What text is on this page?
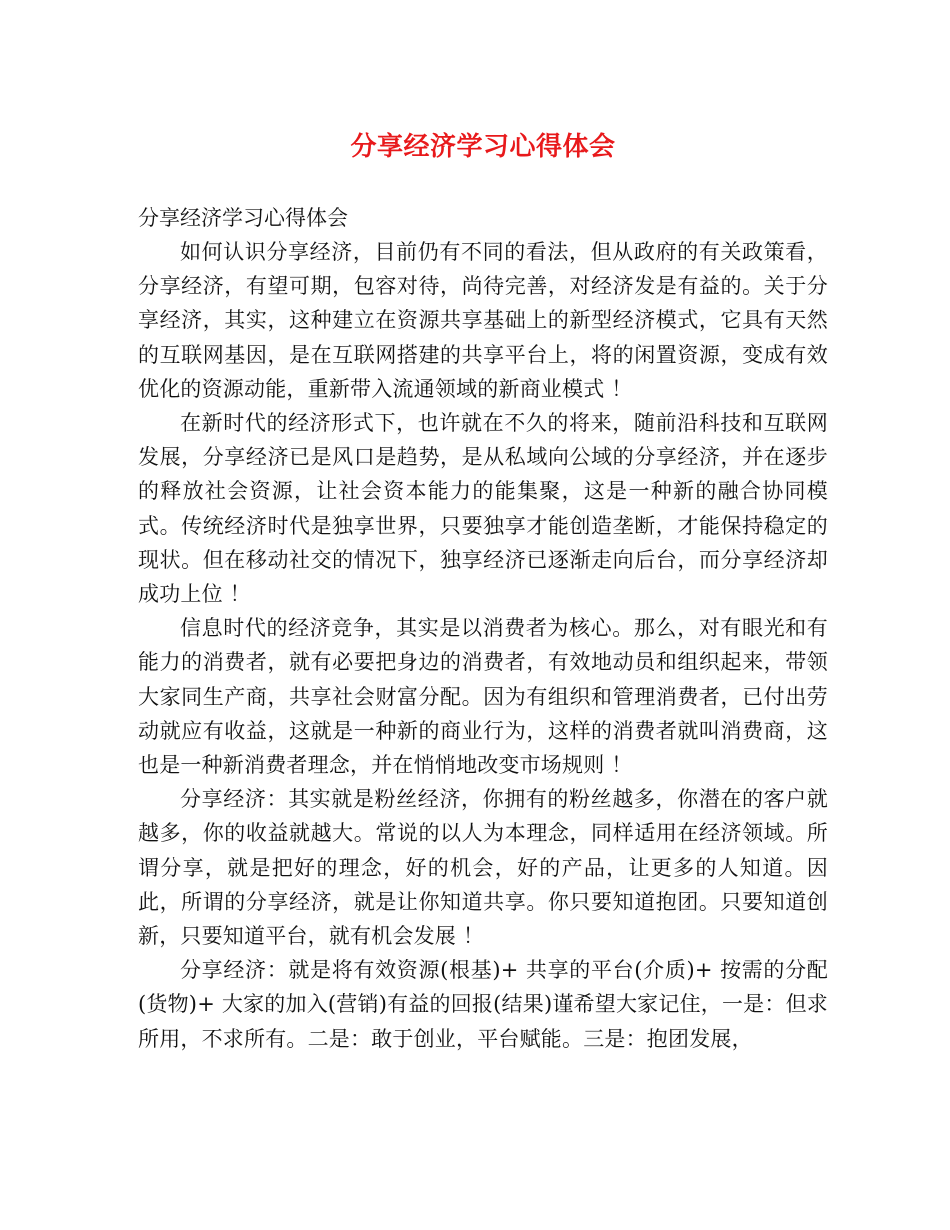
分享经济学习心得体会

分享经济学习心得体会

如何认识分享经济，目前仍有不同的看法，但从政府的有关政策看，分享经济，有望可期，包容对待，尚待完善，对经济发是有益的。关于分享经济，其实，这种建立在资源共享基础上的新型经济模式，它具有天然的互联网基因，是在互联网搭建的共享平台上，将的闲置资源，变成有效优化的资源动能，重新带入流通领域的新商业模式 ！

在新时代的经济形式下，也许就在不久的将来，随前沿科技和互联网发展，分享经济已是风口是趋势，是从私域向公域的分享经济，并在逐步的释放社会资源，让社会资本能力的能集聚，这是一种新的融合协同模式。传统经济时代是独享世界，只要独享才能创造垄断，才能保持稳定的现状。但在移动社交的情况下，独享经济已逐渐走向后台，而分享经济却成功上位 ！

信息时代的经济竞争，其实是以消费者为核心。那么，对有眼光和有能力的消费者，就有必要把身边的消费者，有效地动员和组织起来，带领大家同生产商，共享社会财富分配。因为有组织和管理消费者，已付出劳动就应有收益，这就是一种新的商业行为，这样的消费者就叫消费商，这也是一种新消费者理念，并在悄悄地改变市场规则 ！

分享经济：其实就是粉丝经济，你拥有的粉丝越多，你潜在的客户就越多，你的收益就越大。常说的以人为本理念，同样适用在经济领域。所谓分享，就是把好的理念，好的机会，好的产品，让更多的人知道。因此，所谓的分享经济，就是让你知道共享。你只要知道抱团。只要知道创新，只要知道平台，就有机会发展 ！

分享经济：就是将有效资源(根基)+ 共享的平台(介质)+ 按需的分配(货物)+ 大家的加入(营销)有益的回报(结果)谨希望大家记住，一是：但求所用，不求所有。二是：敢于创业，平台赋能。三是：抱团发展，
